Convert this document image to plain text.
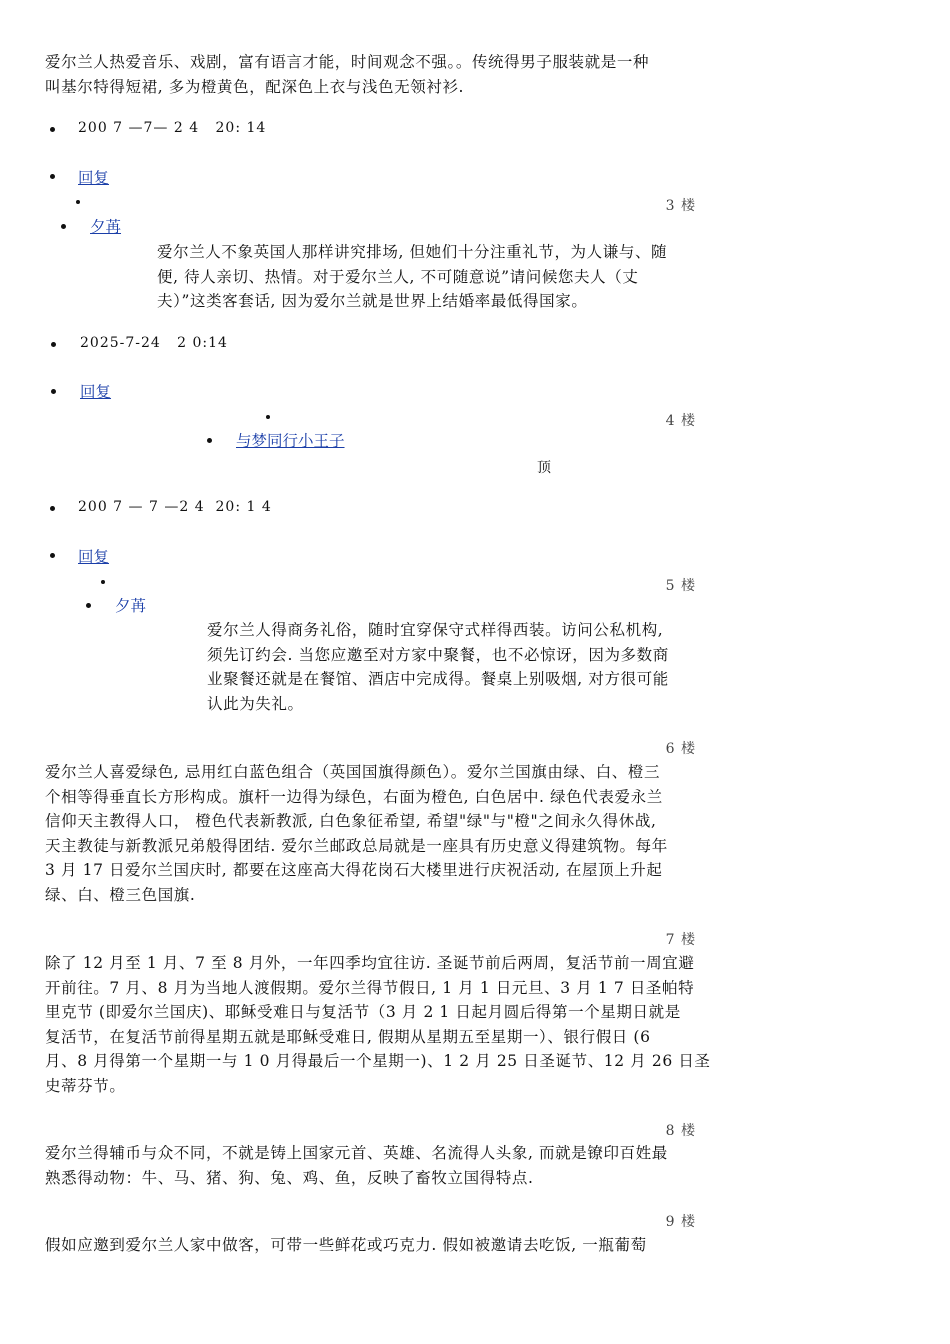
爱尔兰人热爱音乐、戏剧，富有语言才能，时间观念不强。。传统得男子服装就是一种
叫基尔特得短裙, 多为橙黄色，配深色上衣与浅色无领衬衫.
200 7 —7— 2 4   20: 14
回复
3 楼
夕苒
爱尔兰人不象英国人那样讲究排场, 但她们十分注重礼节，为人谦与、随
便, 待人亲切、热情。对于爱尔兰人, 不可随意说”请问候您夫人（丈
夫）”这类客套话, 因为爱尔兰就是世界上结婚率最低得国家。
2025-7-24   2 0:14
回复
4 楼
与梦同行小王子
顶
200 7 — 7 —2 4  20: 1 4
回复
5 楼
夕苒
爱尔兰人得商务礼俗，随时宜穿保守式样得西装。访问公私机构,
须先订约会. 当您应邀至对方家中聚餐，也不必惊讶，因为多数商
业聚餐还就是在餐馆、酒店中完成得。餐桌上别吸烟, 对方很可能
认此为失礼。
6 楼
爱尔兰人喜爱绿色, 忌用红白蓝色组合（英国国旗得颜色）。爱尔兰国旗由绿、白、橙三
个相等得垂直长方形构成。旗杆一边得为绿色，右面为橙色, 白色居中. 绿色代表爱永兰
信仰天主教得人口， 橙色代表新教派, 白色象征希望, 希望"绿"与"橙"之间永久得休战,
天主教徒与新教派兄弟般得团结. 爱尔兰邮政总局就是一座具有历史意义得建筑物。每年
3 月 17 日爱尔兰国庆时, 都要在这座高大得花岗石大楼里进行庆祝活动, 在屋顶上升起
绿、白、橙三色国旗.
7 楼
除了 12 月至 1 月、7 至 8 月外，一年四季均宜往访. 圣诞节前后两周，复活节前一周宜避
开前往。7 月、8 月为当地人渡假期。爱尔兰得节假日, 1 月 1 日元旦、3 月 1 7 日圣帕特
里克节 (即爱尔兰国庆)、耶稣受难日与复活节（3 月 2 1 日起月圆后得第一个星期日就是
复活节，在复活节前得星期五就是耶稣受难日, 假期从星期五至星期一）、银行假日 (6
月、8 月得第一个星期一与 1 0 月得最后一个星期一)、1 2 月 25 日圣诞节、12 月 26 日圣
史蒂芬节。
8 楼
爱尔兰得辅币与众不同，不就是铸上国家元首、英雄、名流得人头象, 而就是镣印百姓最
熟悉得动物：牛、马、猪、狗、兔、鸡、鱼，反映了畜牧立国得特点.
9 楼
假如应邀到爱尔兰人家中做客，可带一些鲜花或巧克力. 假如被邀请去吃饭, 一瓶葡萄
